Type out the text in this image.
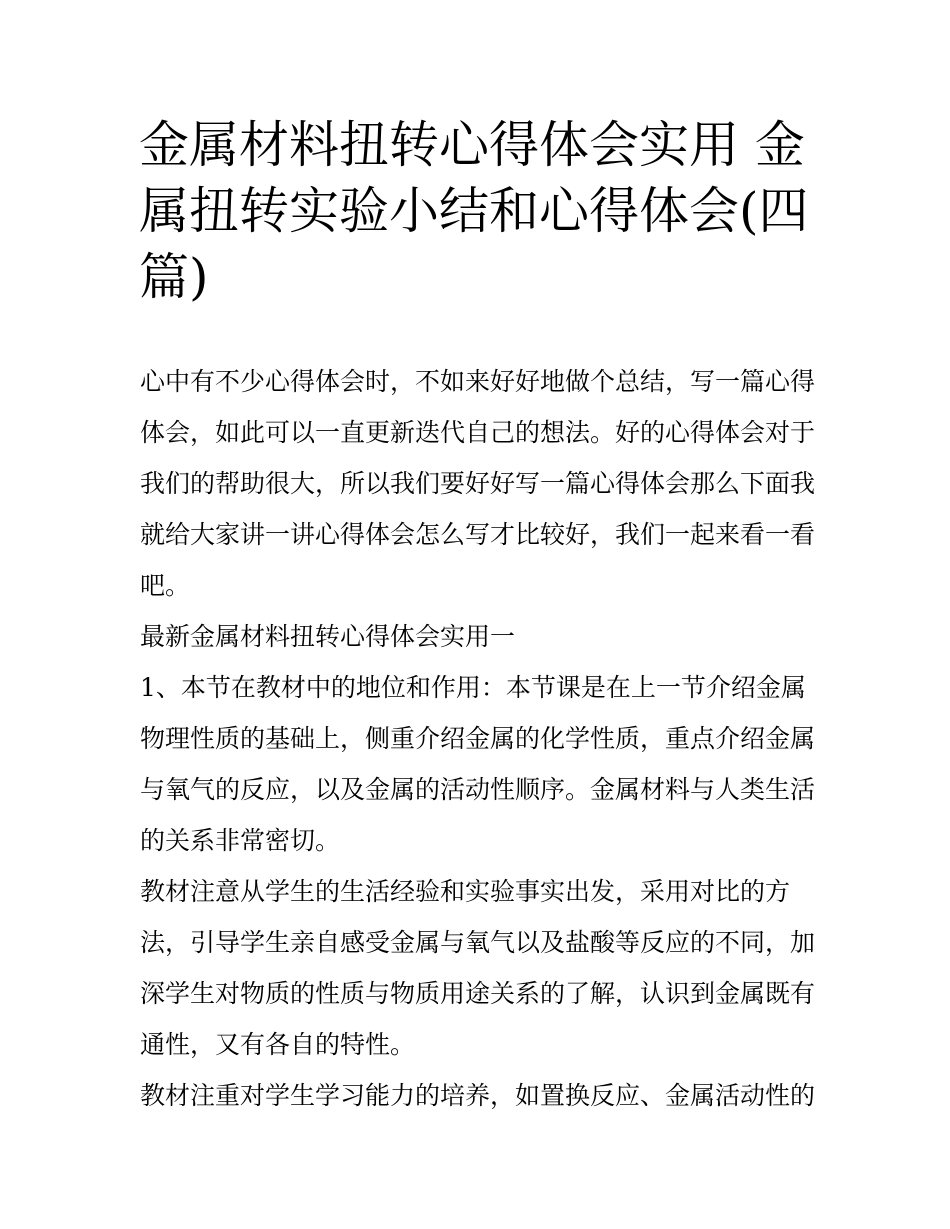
金属材料扭转心得体会实用 金属扭转实验小结和心得体会(四篇)

心中有不少心得体会时，不如来好好地做个总结，写一篇心得体会，如此可以一直更新迭代自己的想法。好的心得体会对于我们的帮助很大，所以我们要好好写一篇心得体会那么下面我就给大家讲一讲心得体会怎么写才比较好，我们一起来看一看吧。

最新金属材料扭转心得体会实用一

1、本节在教材中的地位和作用：本节课是在上一节介绍金属物理性质的基础上，侧重介绍金属的化学性质，重点介绍金属与氧气的反应，以及金属的活动性顺序。金属材料与人类生活的关系非常密切。

教材注意从学生的生活经验和实验事实出发，采用对比的方法，引导学生亲自感受金属与氧气以及盐酸等反应的不同，加深学生对物质的性质与物质用途关系的了解，认识到金属既有通性，又有各自的特性。

教材注重对学生学习能力的培养，如置换反应、金属活动性的
